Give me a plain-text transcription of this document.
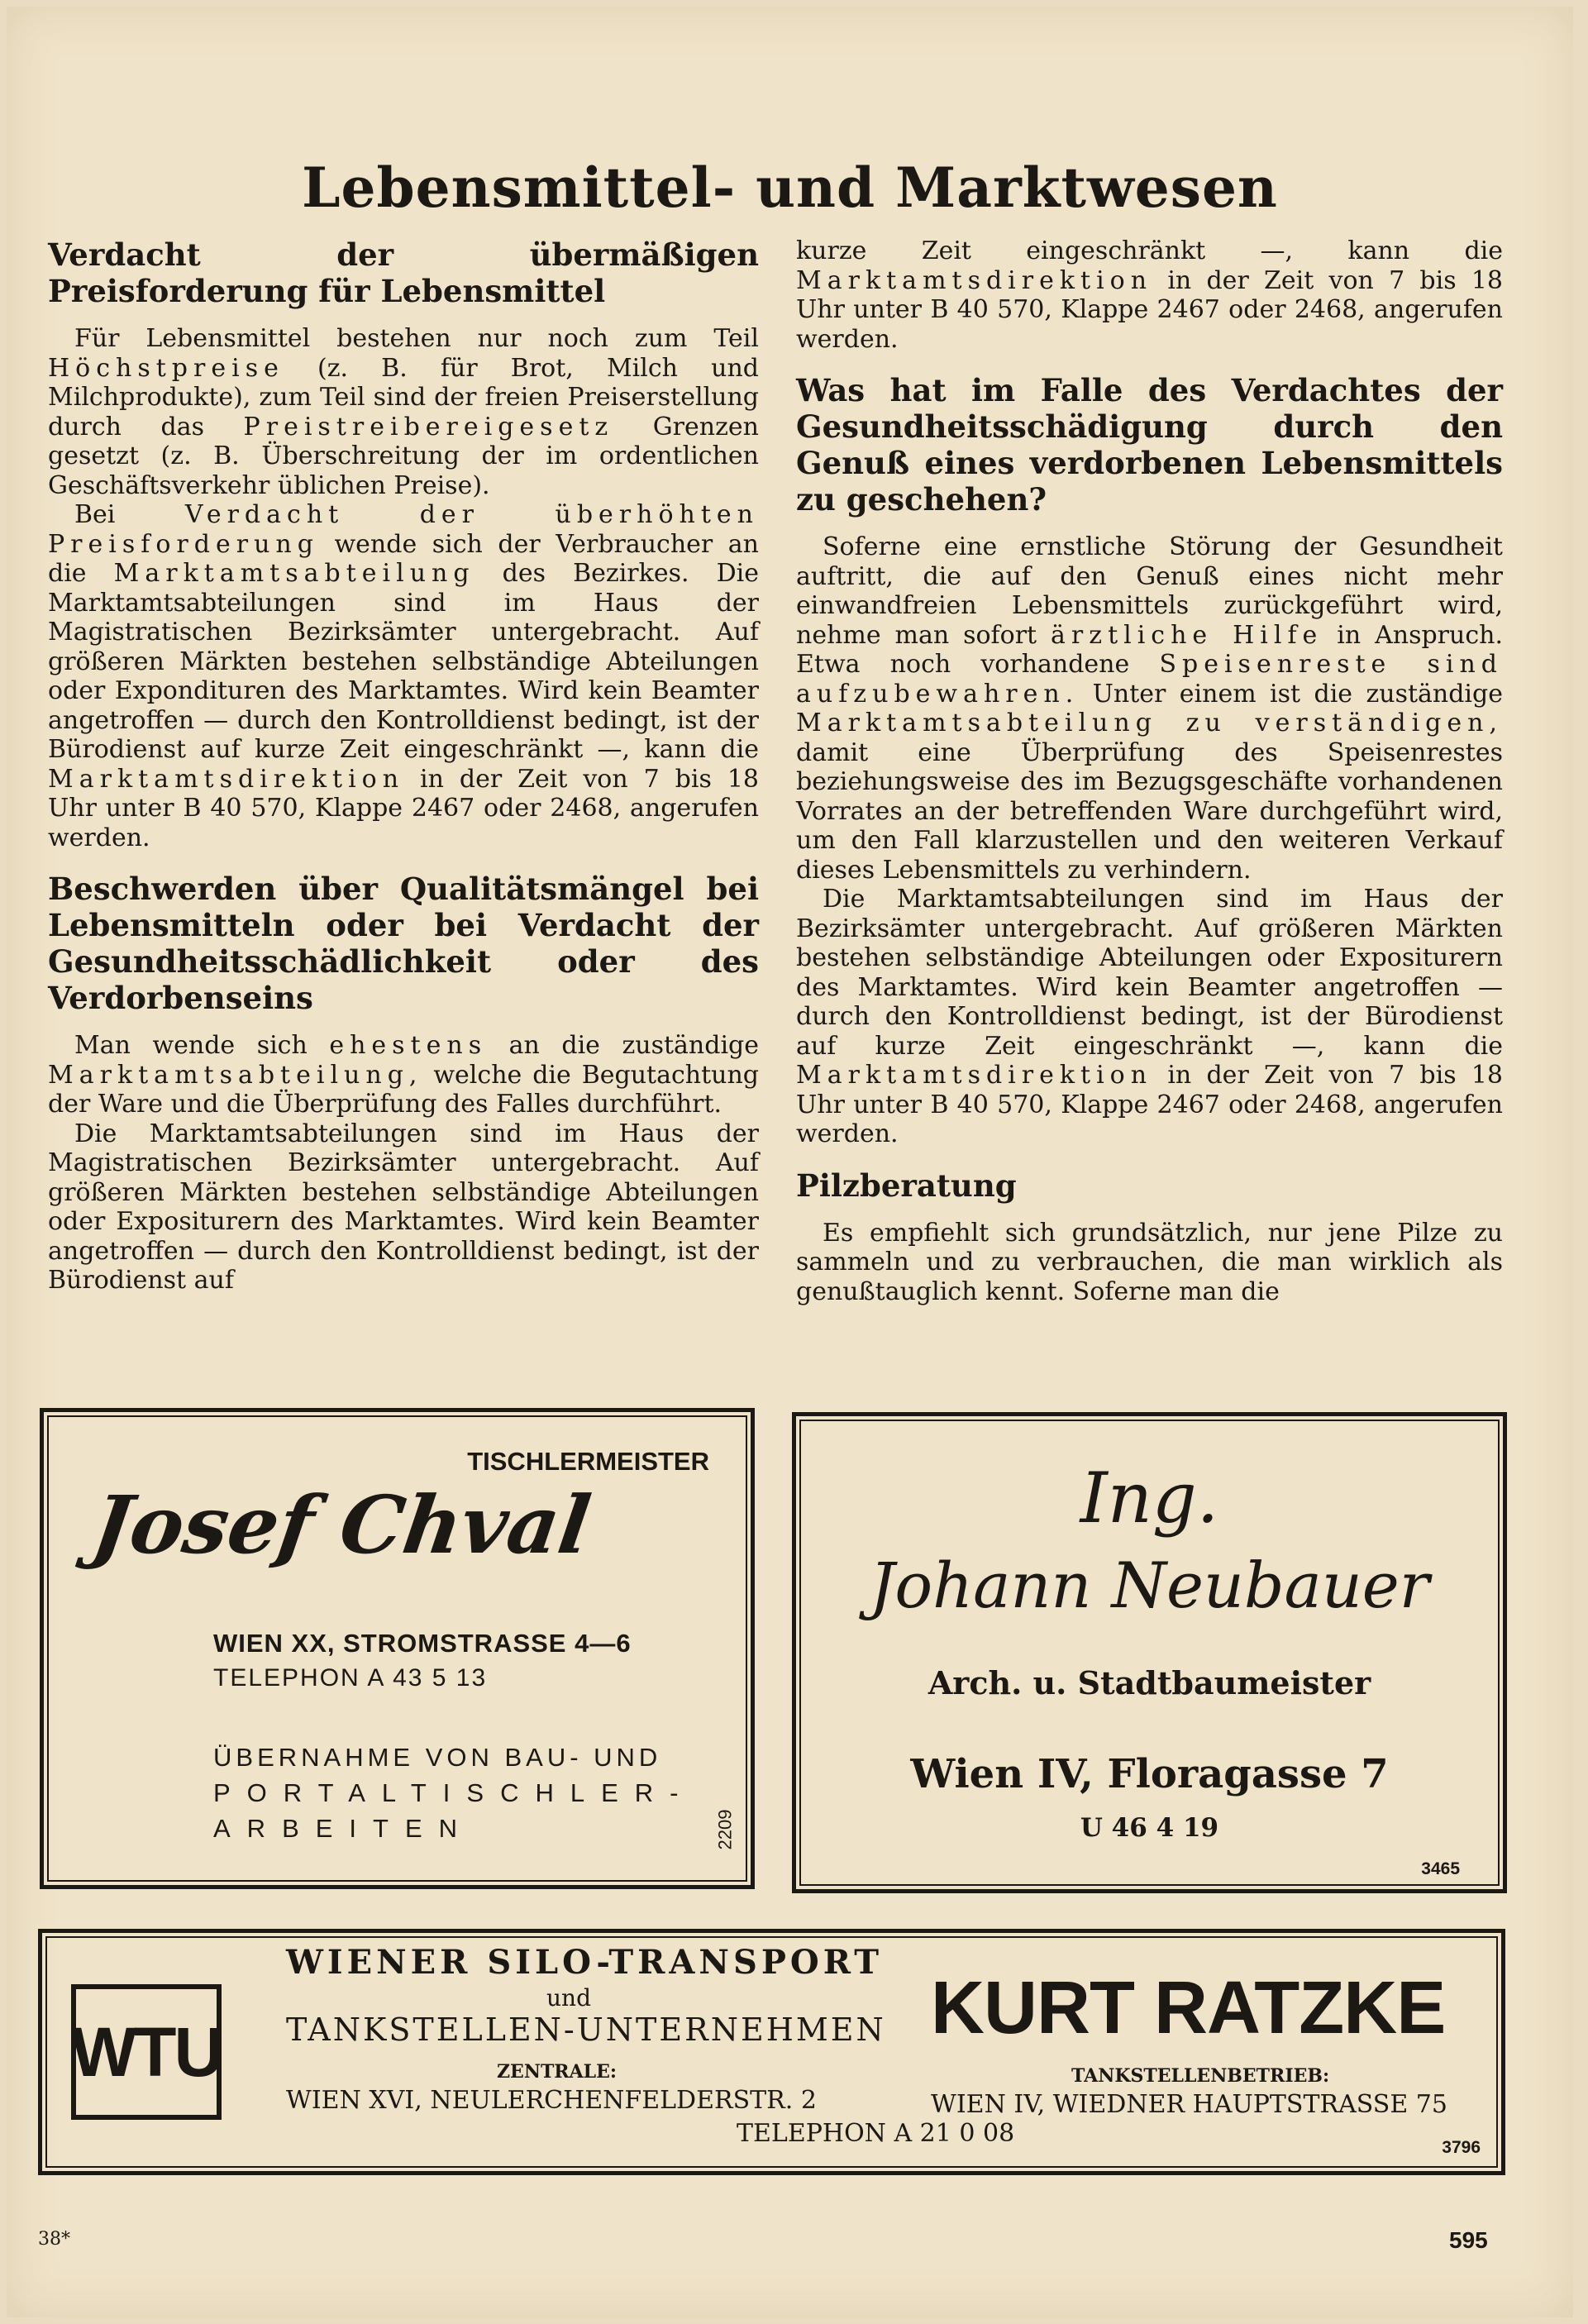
Lebensmittel- und Marktwesen
Verdacht der übermäßigen Preisforderung für Lebensmittel

Für Lebensmittel bestehen nur noch zum Teil Höchstpreise (z. B. für Brot, Milch und Milchprodukte), zum Teil sind der freien Preiserstellung durch das Preistreibereigesetz Grenzen gesetzt (z. B. Überschreitung der im ordentlichen Geschäftsverkehr üblichen Preise).

Bei	Verdacht der überhöhten Preisforderung wende sich der Verbraucher an die Marktamtsabteilung des Bezirkes. Die Marktamtsabteilungen sind im Haus der Magistratischen Bezirksämter untergebracht. Auf größeren Märkten bestehen selbständige Abteilungen oder Expondituren des Marktamtes. Wird kein Beamter angetroffen — durch den Kontrolldienst bedingt, ist der Bürodienst auf kurze Zeit eingeschränkt —, kann die Marktamtsdirektion in der Zeit von 7 bis 18 Uhr unter B 40 570, Klappe 2467 oder 2468, angerufen werden.

Beschwerden über Qualitätsmängel bei Lebensmitteln oder bei Verdacht der Gesundheitsschädlichkeit oder des Verdorbenseins

Man wende sich ehestens an die zuständige Marktamtsabteilung, welche die Begutachtung der Ware und die Überprüfung des Falles durchführt.

Die Marktamtsabteilungen sind im Haus der Magistratischen Bezirksämter untergebracht. Auf größeren Märkten bestehen selbständige Abteilungen oder Expositurern des Marktamtes. Wird kein Beamter angetroffen — durch den Kontrolldienst bedingt, ist der Bürodienst auf

kurze Zeit eingeschränkt —, kann die Marktamtsdirektion in der Zeit von 7 bis 18 Uhr unter B 40 570, Klappe 2467 oder 2468, angerufen werden.

Was hat im Falle des Verdachtes der Gesundheitsschädigung durch den Genuß eines verdorbenen Lebensmittels zu geschehen?

Soferne eine ernstliche Störung der Gesundheit auftritt, die auf den Genuß eines nicht mehr einwandfreien Lebensmittels zurückgeführt wird, nehme man sofort ärztliche Hilfe in Anspruch. Etwa noch vorhandene Speisenreste sind aufzubewahren. Unter einem ist die zuständige Marktamtsabteilung zu verständigen, damit eine Überprüfung des Speisenrestes beziehungsweise des im Bezugsgeschäfte vorhandenen Vorrates an der betreffenden Ware durchgeführt wird, um den Fall klarzustellen und den weiteren Verkauf dieses Lebensmittels zu verhindern.

Die Marktamtsabteilungen sind im Haus der Bezirksämter untergebracht. Auf größeren Märkten bestehen selbständige Abteilungen oder Expositurern des Marktamtes. Wird kein Beamter angetroffen — durch den Kontrolldienst bedingt, ist der Bürodienst auf kurze Zeit eingeschränkt —, kann die Marktamtsdirektion in der Zeit von 7 bis 18 Uhr unter B 40 570, Klappe 2467 oder 2468, angerufen werden.

Pilzberatung

Es empfiehlt sich grundsätzlich, nur jene Pilze zu sammeln und zu verbrauchen, die man wirklich als genußtauglich kennt. Soferne man die

TISCHLERMEISTER
Josef Chval
WIEN XX, STROMSTRASSE 4—6
TELEPHON A 43 5 13
ÜBERNAHME VON BAU- UND
PORTALTISCHLER-
ARBEITEN	2209
Ing.
Johann Neubauer
Arch. u. Stadtbaumeister
Wien IV, Floragasse 7
U 46 4 19
3465
WTU
WIENER SILO-TRANSPORT
und
TANKSTELLEN-UNTERNEHMEN KURT RATZKE
ZENTRALE:
WIEN XVI, NEULERCHENFELDERSTR. 2
TANKSTELLENBETRIEB:
WIEN IV, WIEDNER HAUPTSTRASSE 75
TELEPHON A 21 0 08	3796
38*	595
